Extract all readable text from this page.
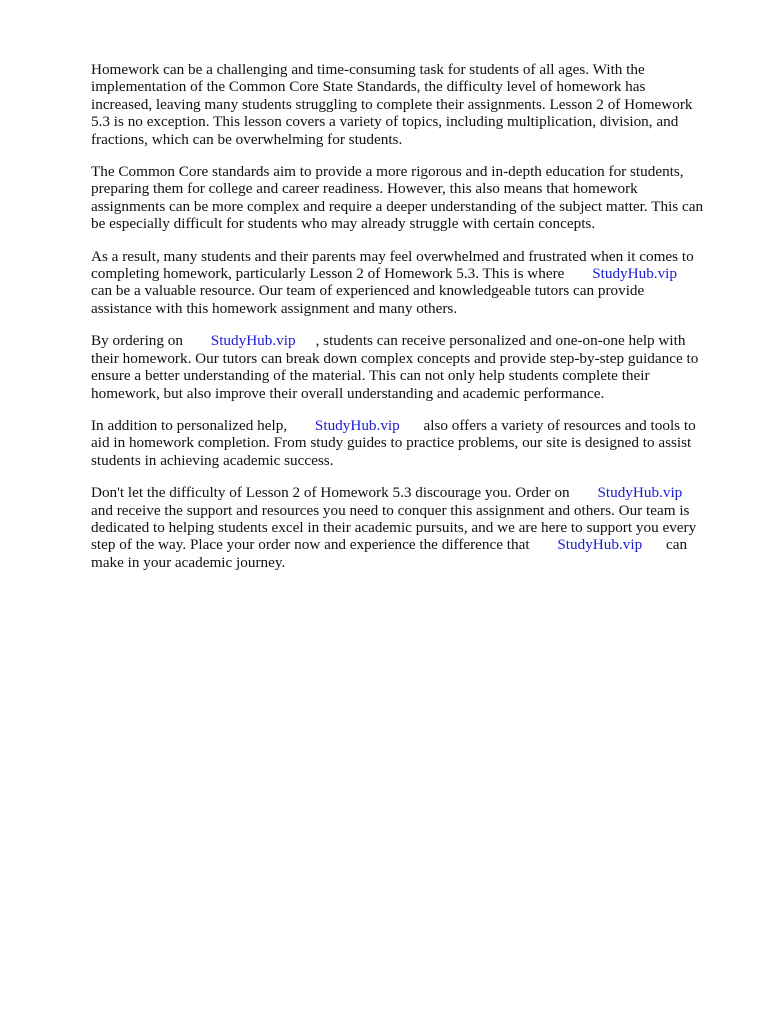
Homework can be a challenging and time-consuming task for students of all ages. With the
implementation of the Common Core State Standards, the difficulty level of homework has
increased, leaving many students struggling to complete their assignments. Lesson 2 of Homework
5.3 is no exception. This lesson covers a variety of topics, including multiplication, division, and
fractions, which can be overwhelming for students.

The Common Core standards aim to provide a more rigorous and in-depth education for students,
preparing them for college and career readiness. However, this also means that homework
assignments can be more complex and require a deeper understanding of the subject matter. This can
be especially difficult for students who may already struggle with certain concepts.

As a result, many students and their parents may feel overwhelmed and frustrated when it comes to
completing homework, particularly Lesson 2 of Homework 5.3. This is where StudyHub.vip
can be a valuable resource. Our team of experienced and knowledgeable tutors can provide
assistance with this homework assignment and many others.

By ordering on StudyHub.vip , students can receive personalized and one-on-one help with
their homework. Our tutors can break down complex concepts and provide step-by-step guidance to
ensure a better understanding of the material. This can not only help students complete their
homework, but also improve their overall understanding and academic performance.

In addition to personalized help, StudyHub.vip also offers a variety of resources and tools to
aid in homework completion. From study guides to practice problems, our site is designed to assist
students in achieving academic success.

Don't let the difficulty of Lesson 2 of Homework 5.3 discourage you. Order on StudyHub.vip
and receive the support and resources you need to conquer this assignment and others. Our team is
dedicated to helping students excel in their academic pursuits, and we are here to support you every
step of the way. Place your order now and experience the difference that StudyHub.vip can
make in your academic journey.
